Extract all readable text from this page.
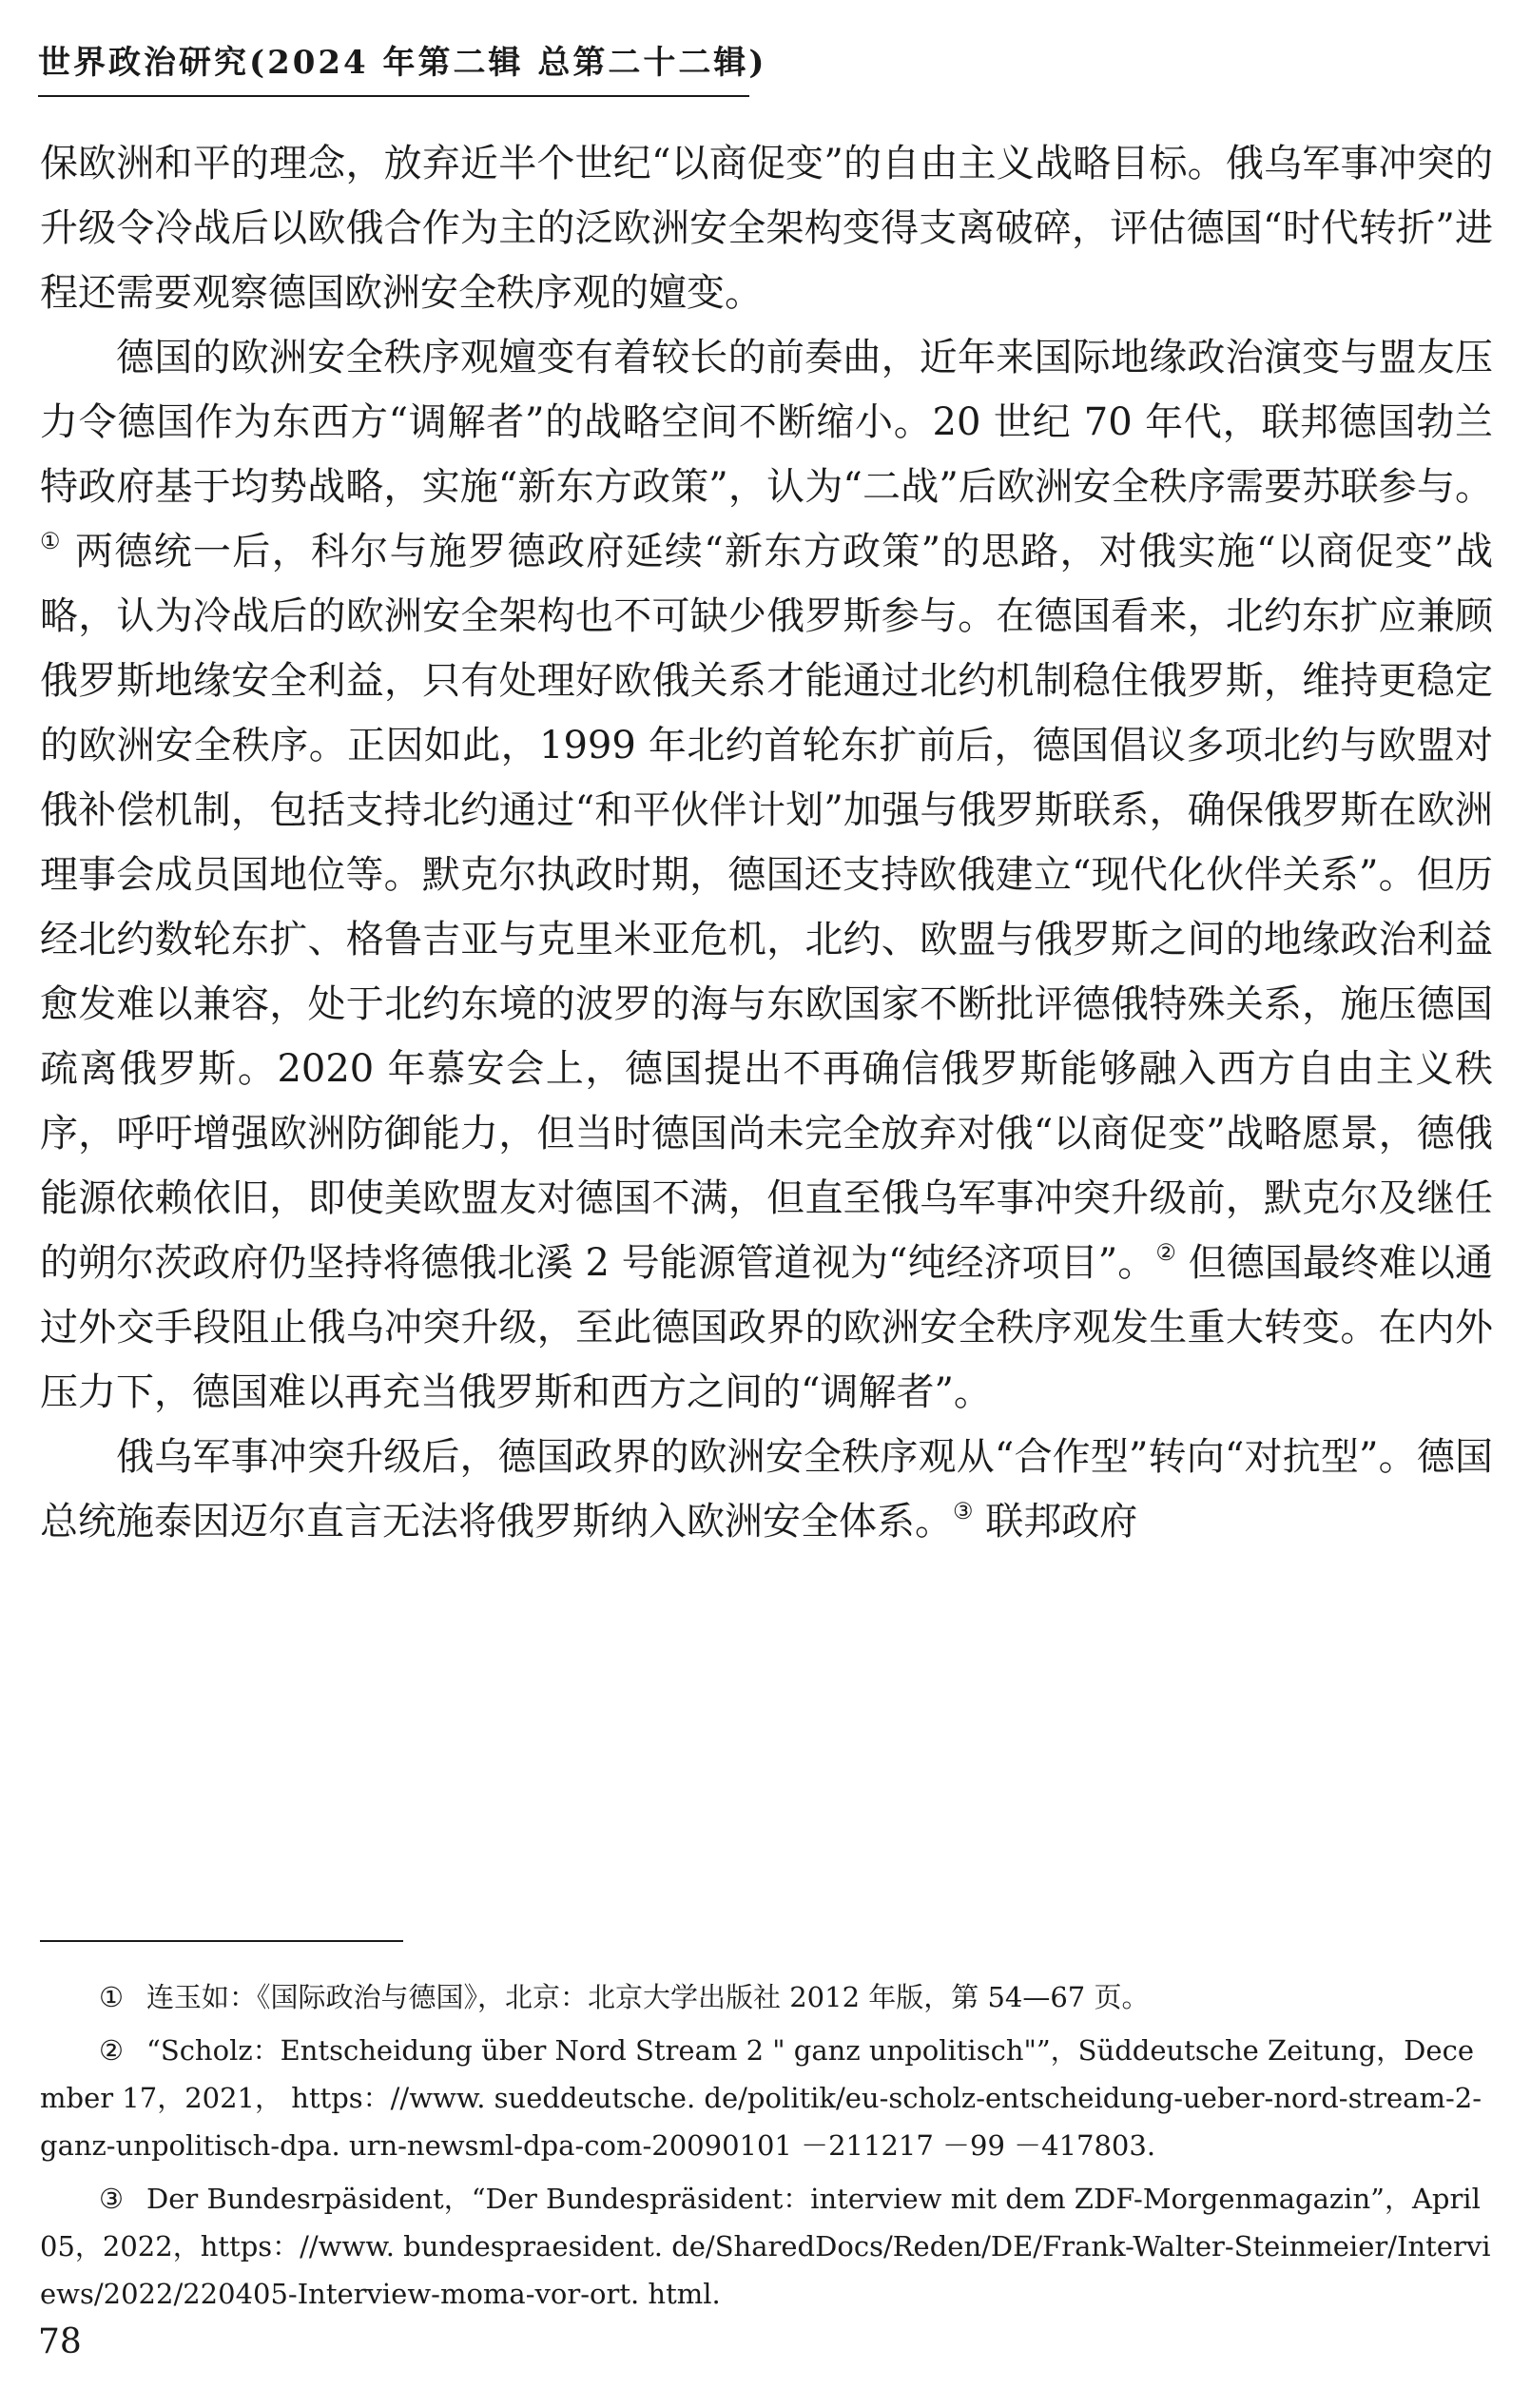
世界政治研究(2024 年第二辑 总第二十二辑)

保欧洲和平的理念，放弃近半个世纪“以商促变”的自由主义战略目标。俄乌军事冲突的升级令冷战后以欧俄合作为主的泛欧洲安全架构变得支离破碎，评估德国“时代转折”进程还需要观察德国欧洲安全秩序观的嬗变。

德国的欧洲安全秩序观嬗变有着较长的前奏曲，近年来国际地缘政治演变与盟友压力令德国作为东西方“调解者”的战略空间不断缩小。20 世纪 70 年代，联邦德国勃兰特政府基于均势战略，实施“新东方政策”，认为“二战”后欧洲安全秩序需要苏联参与。① 两德统一后，科尔与施罗德政府延续“新东方政策”的思路，对俄实施“以商促变”战略，认为冷战后的欧洲安全架构也不可缺少俄罗斯参与。在德国看来，北约东扩应兼顾俄罗斯地缘安全利益，只有处理好欧俄关系才能通过北约机制稳住俄罗斯，维持更稳定的欧洲安全秩序。正因如此，1999 年北约首轮东扩前后，德国倡议多项北约与欧盟对俄补偿机制，包括支持北约通过“和平伙伴计划”加强与俄罗斯联系，确保俄罗斯在欧洲理事会成员国地位等。默克尔执政时期，德国还支持欧俄建立“现代化伙伴关系”。但历经北约数轮东扩、格鲁吉亚与克里米亚危机，北约、欧盟与俄罗斯之间的地缘政治利益愈发难以兼容，处于北约东境的波罗的海与东欧国家不断批评德俄特殊关系，施压德国疏离俄罗斯。2020 年慕安会上，德国提出不再确信俄罗斯能够融入西方自由主义秩序，呼吁增强欧洲防御能力，但当时德国尚未完全放弃对俄“以商促变”战略愿景，德俄能源依赖依旧，即使美欧盟友对德国不满，但直至俄乌军事冲突升级前，默克尔及继任的朔尔茨政府仍坚持将德俄北溪 2 号能源管道视为“纯经济项目”。② 但德国最终难以通过外交手段阻止俄乌冲突升级，至此德国政界的欧洲安全秩序观发生重大转变。在内外压力下，德国难以再充当俄罗斯和西方之间的“调解者”。

俄乌军事冲突升级后，德国政界的欧洲安全秩序观从“合作型”转向“对抗型”。德国总统施泰因迈尔直言无法将俄罗斯纳入欧洲安全体系。③ 联邦政府

① 连玉如：《国际政治与德国》，北京：北京大学出版社 2012 年版，第 54—67 页。

② “Scholz：Entscheidung über Nord Stream 2 " ganz unpolitisch"”，Süddeutsche Zeitung，December 17，2021， https：//www. sueddeutsche. de/politik/eu-scholz-entscheidung-ueber-nord-stream-2-ganz-unpolitisch-dpa. urn-newsml-dpa-com-20090101 －211217 －99 －417803.

③ Der Bundesrpäsident，“Der Bundespräsident：interview mit dem ZDF-Morgenmagazin”，April 05，2022，https：//www. bundespraesident. de/SharedDocs/Reden/DE/Frank-Walter-Steinmeier/Interviews/2022/220405-Interview-moma-vor-ort. html.

78
